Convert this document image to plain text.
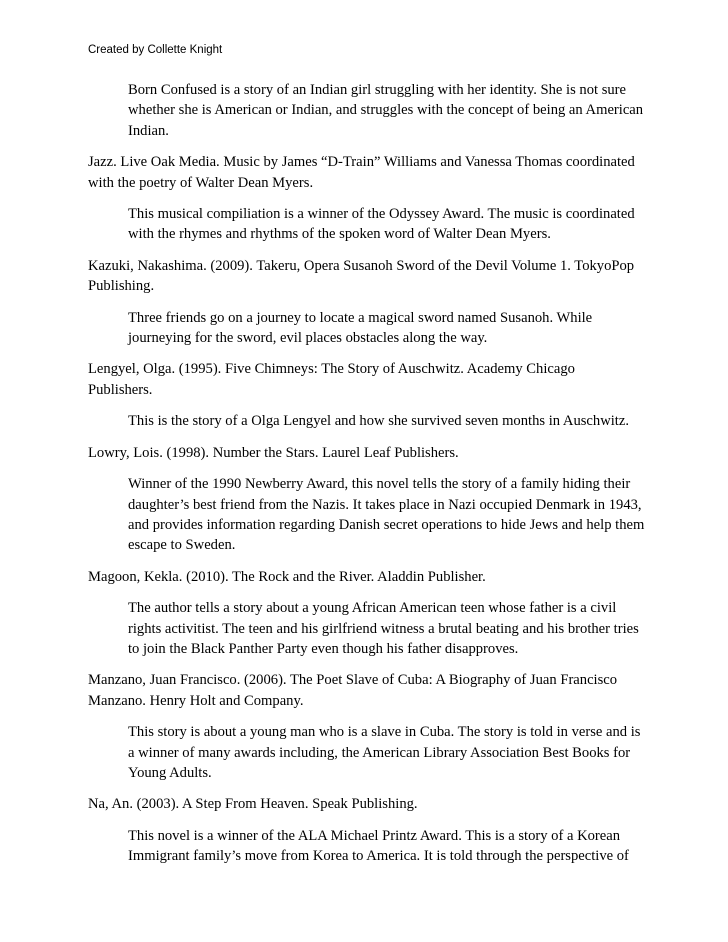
Created by Collette Knight
Born Confused is a story of an Indian girl struggling with her identity. She is not sure
whether she is American or Indian, and struggles with the concept of being an American
Indian.
Jazz. Live Oak Media. Music by James “D-Train” Williams and Vanessa Thomas coordinated
with the poetry of Walter Dean Myers.
This musical compiliation is a winner of the Odyssey Award. The music is coordinated
with the rhymes and rhythms of the spoken word of Walter Dean Myers.
Kazuki, Nakashima. (2009). Takeru, Opera Susanoh Sword of the Devil Volume 1. TokyoPop
Publishing.
Three friends go on a journey to locate a magical sword named Susanoh. While
journeying for the sword, evil places obstacles along the way.
Lengyel, Olga. (1995). Five Chimneys: The Story of Auschwitz. Academy Chicago
Publishers.
This is the story of a Olga Lengyel and how she survived seven months in Auschwitz.
Lowry, Lois. (1998). Number the Stars. Laurel Leaf Publishers.
Winner of the 1990 Newberry Award, this novel tells the story of a family hiding their
daughter’s best friend from the Nazis. It takes place in Nazi occupied Denmark in 1943,
and provides information regarding Danish secret operations to hide Jews and help them
escape to Sweden.
Magoon, Kekla. (2010). The Rock and the River. Aladdin Publisher.
The author tells a story about a young African American teen whose father is a civil
rights activitist. The teen and his girlfriend witness a brutal beating and his brother tries
to join the Black Panther Party even though his father disapproves.
Manzano, Juan Francisco. (2006). The Poet Slave of Cuba: A Biography of Juan Francisco
Manzano. Henry Holt and Company.
This story is about a young man who is a slave in Cuba. The story is told in verse and is
a winner of many awards including, the American Library Association Best Books for
Young Adults.
Na, An. (2003). A Step From Heaven. Speak Publishing.
This novel is a winner of the ALA Michael Printz Award. This is a story of a Korean
Immigrant family’s move from Korea to America. It is told through the perspective of
